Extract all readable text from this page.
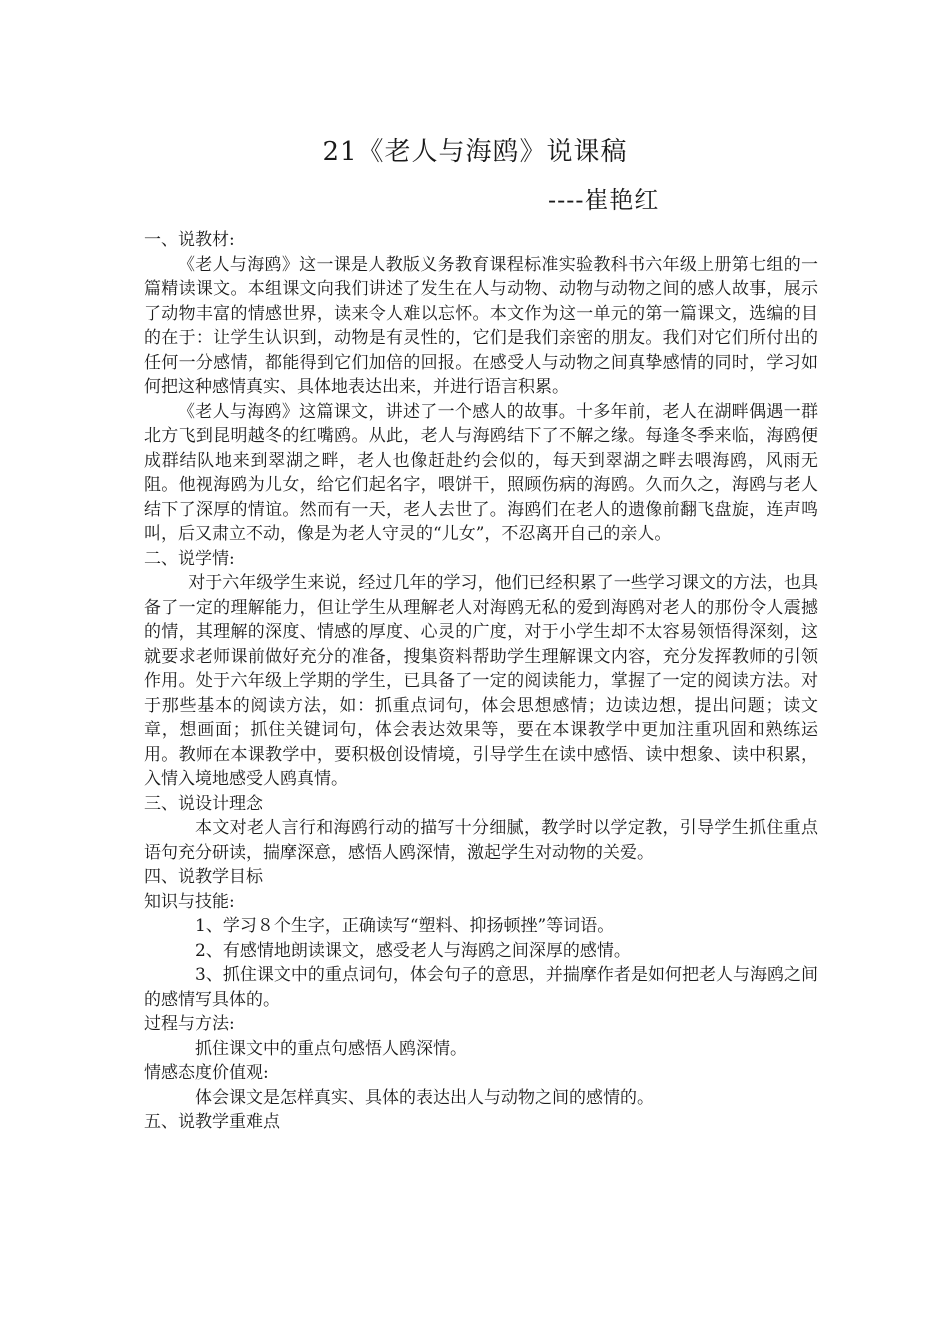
21《老人与海鸥》说课稿
----崔艳红

一、说教材:

《老人与海鸥》这一课是人教版义务教育课程标准实验教科书六年级上册第七组的一篇精读课文。本组课文向我们讲述了发生在人与动物、动物与动物之间的感人故事，展示了动物丰富的情感世界，读来令人难以忘怀。本文作为这一单元的第一篇课文，选编的目的在于：让学生认识到，动物是有灵性的，它们是我们亲密的朋友。我们对它们所付出的任何一分感情，都能得到它们加倍的回报。在感受人与动物之间真挚感情的同时，学习如何把这种感情真实、具体地表达出来，并进行语言积累。

《老人与海鸥》这篇课文，讲述了一个感人的故事。十多年前，老人在湖畔偶遇一群北方飞到昆明越冬的红嘴鸥。从此，老人与海鸥结下了不解之缘。每逢冬季来临，海鸥便成群结队地来到翠湖之畔，老人也像赶赴约会似的，每天到翠湖之畔去喂海鸥，风雨无阻。他视海鸥为儿女，给它们起名字，喂饼干，照顾伤病的海鸥。久而久之，海鸥与老人结下了深厚的情谊。然而有一天，老人去世了。海鸥们在老人的遗像前翻飞盘旋，连声鸣叫，后又肃立不动，像是为老人守灵的“儿女”，不忍离开自己的亲人。

二、说学情:

对于六年级学生来说，经过几年的学习，他们已经积累了一些学习课文的方法，也具备了一定的理解能力，但让学生从理解老人对海鸥无私的爱到海鸥对老人的那份令人震撼的情，其理解的深度、情感的厚度、心灵的广度，对于小学生却不太容易领悟得深刻，这就要求老师课前做好充分的准备，搜集资料帮助学生理解课文内容，充分发挥教师的引领作用。处于六年级上学期的学生，已具备了一定的阅读能力，掌握了一定的阅读方法。对于那些基本的阅读方法，如：抓重点词句，体会思想感情；边读边想，提出问题；读文章，想画面；抓住关键词句，体会表达效果等，要在本课教学中更加注重巩固和熟练运用。教师在本课教学中，要积极创设情境，引导学生在读中感悟、读中想象、读中积累，入情入境地感受人鸥真情。

三、说设计理念

本文对老人言行和海鸥行动的描写十分细腻，教学时以学定教，引导学生抓住重点语句充分研读，揣摩深意，感悟人鸥深情，激起学生对动物的关爱。

四、说教学目标

知识与技能:

1、学习８个生字，正确读写“塑料、抑扬顿挫”等词语。

2、有感情地朗读课文，感受老人与海鸥之间深厚的感情。

3、抓住课文中的重点词句，体会句子的意思，并揣摩作者是如何把老人与海鸥之间的感情写具体的。

过程与方法:

抓住课文中的重点句感悟人鸥深情。

情感态度价值观:

体会课文是怎样真实、具体的表达出人与动物之间的感情的。

五、说教学重难点
